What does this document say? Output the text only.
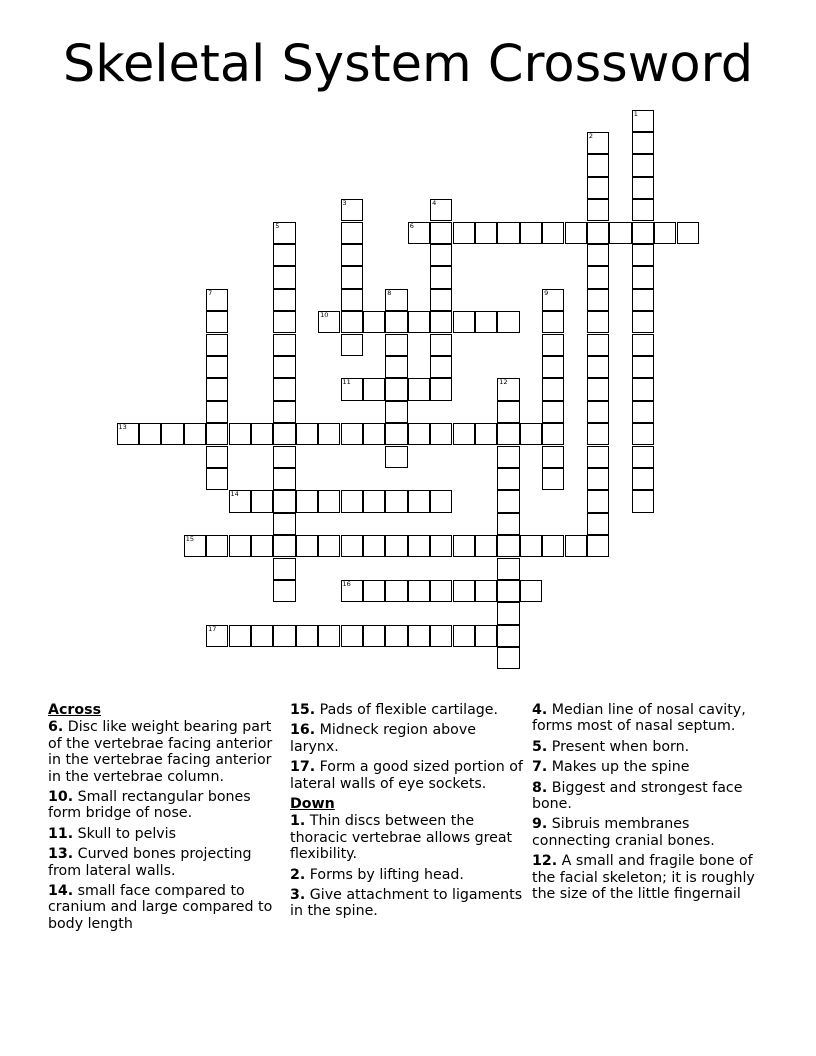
Skeletal System Crossword
1
2
3	4
5	6
7	8	9
10
11	12
13
14
15
16
17
Across
6. Disc like weight bearing part of the vertebrae facing anterior in the vertebrae facing anterior in the vertebrae column.
10. Small rectangular bones form bridge of nose.
11. Skull to pelvis
13. Curved bones projecting from lateral walls.
14. small face compared to cranium and large compared to body length
15. Pads of flexible cartilage.
16. Midneck region above larynx.
17. Form a good sized portion of lateral walls of eye sockets.
Down
1. Thin discs between the thoracic vertebrae allows great flexibility.
2. Forms by lifting head.
3. Give attachment to ligaments in the spine.
4. Median line of nosal cavity, forms most of nasal septum.
5. Present when born.
7. Makes up the spine
8. Biggest and strongest face bone.
9. Sibruis membranes connecting cranial bones.
12. A small and fragile bone of the facial skeleton; it is roughly the size of the little fingernail
